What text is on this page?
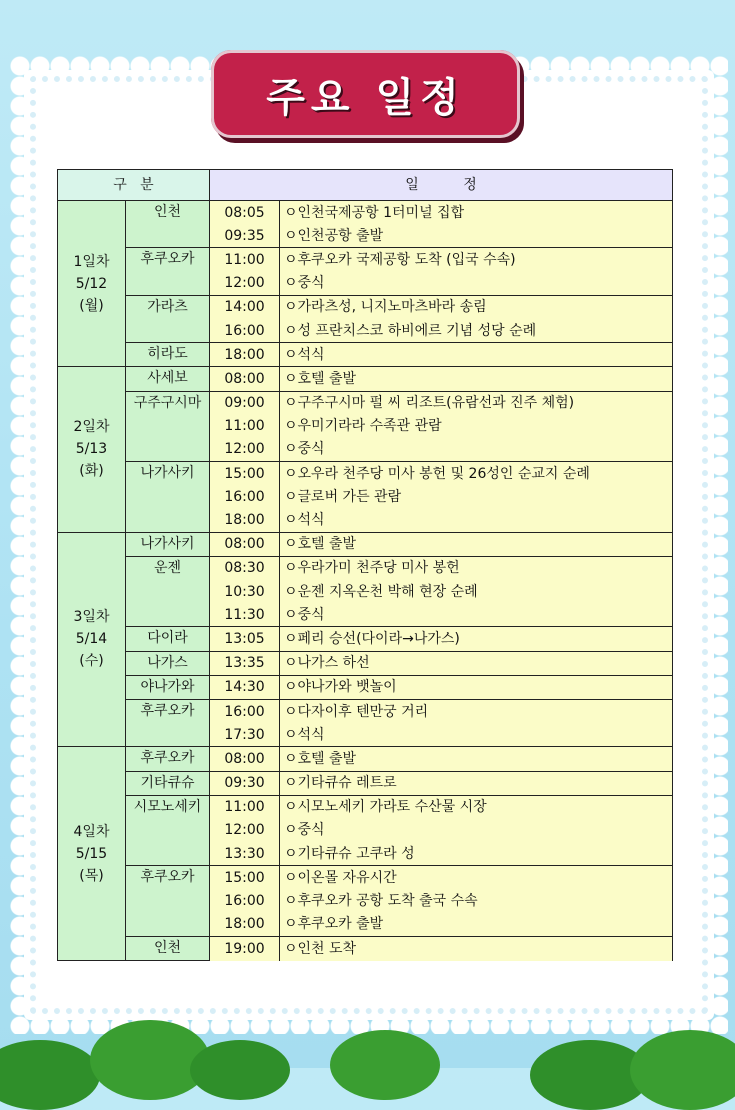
주요 일정
구   분		일          정	
1일차
5/12
(월)	인천	08:05	ㅇ인천국제공항 1터미널 집합
		09:35	ㅇ인천공항 출발
	후쿠오카	11:00	ㅇ후쿠오카 국제공항 도착 (입국 수속)
		12:00	ㅇ중식
	가라츠	14:00	ㅇ가라츠성, 니지노마츠바라 송림
		16:00	ㅇ성 프란치스코 하비에르 기념 성당 순례
	히라도	18:00	ㅇ석식
2일차
5/13
(화)	사세보	08:00	ㅇ호텔 출발
	구주구시마	09:00	ㅇ구주구시마 펄 씨 리조트(유람선과 진주 체험)
		11:00	ㅇ우미기라라 수족관 관람
		12:00	ㅇ중식
	나가사키	15:00	ㅇ오우라 천주당 미사 봉헌 및 26성인 순교지 순례
		16:00	ㅇ글로버 가든 관람
		18:00	ㅇ석식
3일차
5/14
(수)	나가사키	08:00	ㅇ호텔 출발
	운젠	08:30	ㅇ우라가미 천주당 미사 봉헌
		10:30	ㅇ운젠 지옥온천 박해 현장 순례
		11:30	ㅇ중식
	다이라	13:05	ㅇ페리 승선(다이라→나가스)
	나가스	13:35	ㅇ나가스 하선
	야나가와	14:30	ㅇ야나가와 뱃놀이
	후쿠오카	16:00	ㅇ다자이후 텐만궁 거리
		17:30	ㅇ석식
4일차
5/15
(목)	후쿠오카	08:00	ㅇ호텔 출발
	기타큐슈	09:30	ㅇ기타큐슈 레트로
	시모노세키	11:00	ㅇ시모노세키 가라토 수산물 시장
		12:00	ㅇ중식
		13:30	ㅇ기타큐슈 고쿠라 성
	후쿠오카	15:00	ㅇ이온몰 자유시간
		16:00	ㅇ후쿠오카 공항 도착 출국 수속
		18:00	ㅇ후쿠오카 출발
	인천	19:00	ㅇ인천 도착
